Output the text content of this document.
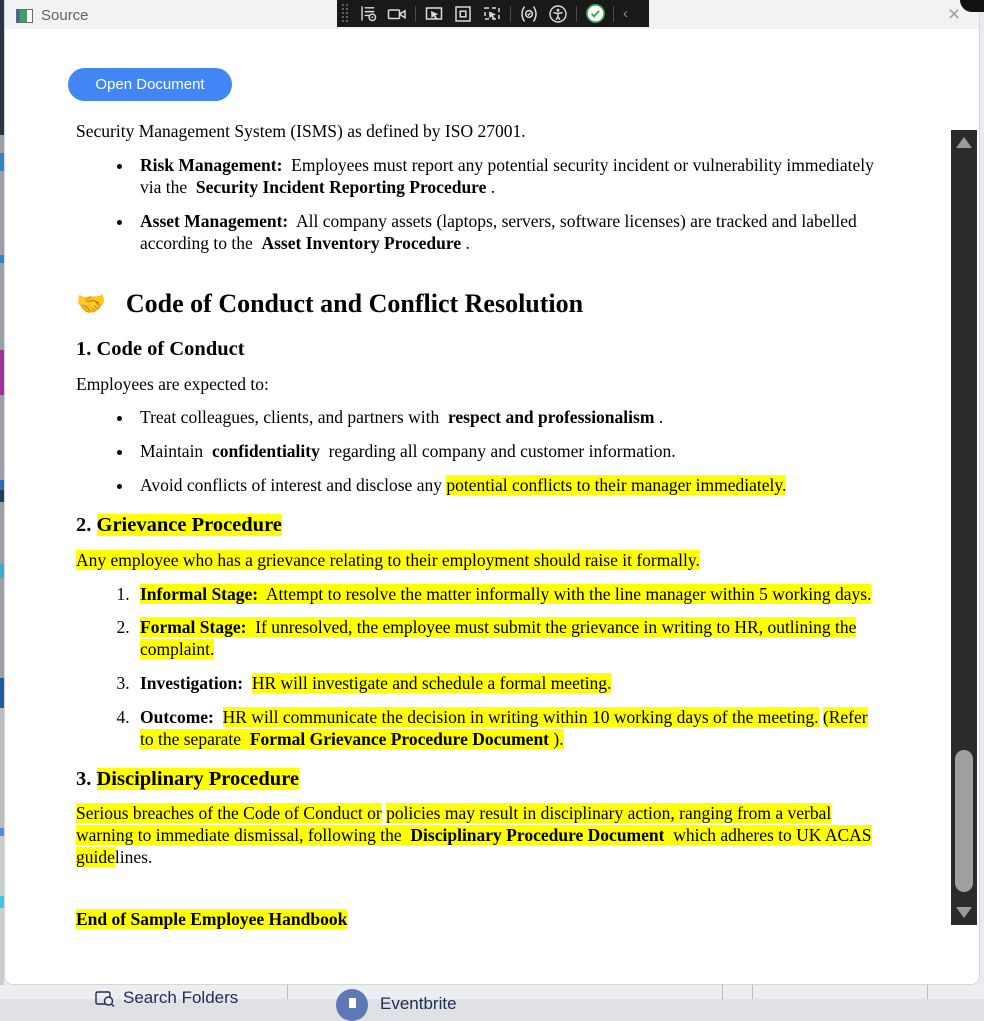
Search Folders	Eventbrite
Source	×
Open Document

Security Management System (ISMS) as defined by ISO 27001.

• Risk Management:  Employees must report any potential security incident or vulnerability immediately via the  Security Incident Reporting Procedure .
• Asset Management:  All company assets (laptops, servers, software licenses) are tracked and labelled according to the  Asset Inventory Procedure .
🤝 Code of Conduct and Conflict Resolution
1. Code of Conduct

Employees are expected to:

• Treat colleagues, clients, and partners with  respect and professionalism .
• Maintain  confidentiality  regarding all company and customer information.
• Avoid conflicts of interest and disclose any potential conflicts to their manager immediately.
2. Grievance Procedure

Any employee who has a grievance relating to their employment should raise it formally.

1. Informal Stage:  Attempt to resolve the matter informally with the line manager within 5 working days.
2. Formal Stage:  If unresolved, the employee must submit the grievance in writing to HR, outlining the complaint.
3. Investigation: HR will investigate and schedule a formal meeting.
4. Outcome: HR will communicate the decision in writing within 10 working days of the meeting. (Refer to the separate  Formal Grievance Procedure Document ).
3. Disciplinary Procedure

Serious breaches of the Code of Conduct or policies may result in disciplinary action, ranging from a verbal warning to immediate dismissal, following the  Disciplinary Procedure Document  which adheres to UK ACAS guidelines.

End of Sample Employee Handbook

‹
